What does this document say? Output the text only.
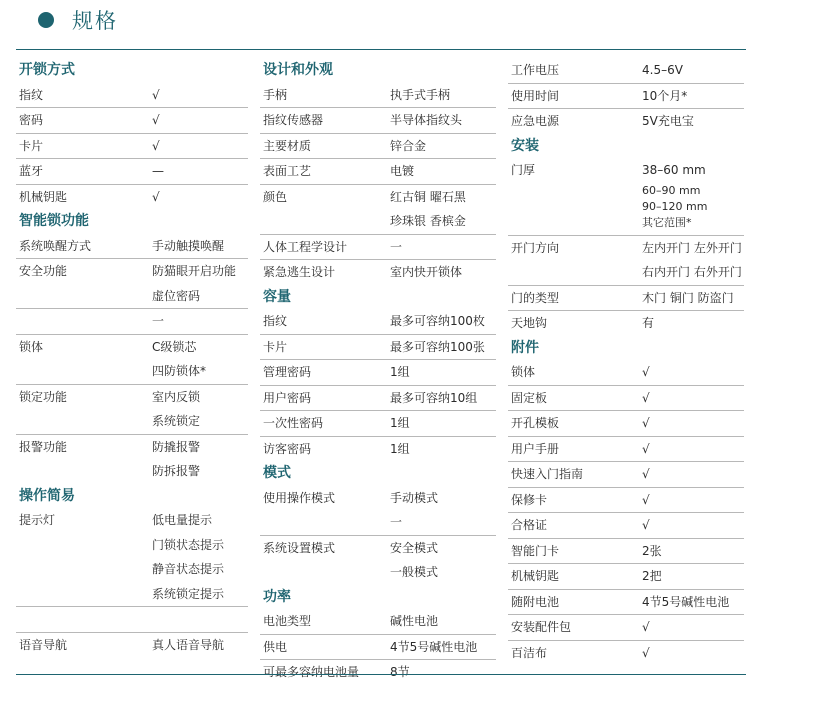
规格
开锁方式
指纹	√
密码	√
卡片	√
蓝牙	—
机械钥匙	√
智能锁功能
系统唤醒方式	手动触摸唤醒
安全功能	防猫眼开启功能
虚位密码
一
锁体	C级锁芯
四防锁体*
锁定功能	室内反锁
系统锁定
报警功能	防撬报警
防拆报警
操作简易
提示灯	低电量提示
门锁状态提示
静音状态提示
系统锁定提示
语音导航	真人语音导航
设计和外观
手柄	执手式手柄
指纹传感器	半导体指纹头
主要材质	锌合金
表面工艺	电镀
颜色	红古铜 曜石黑
珍珠银 香槟金
人体工程学设计	一
紧急逃生设计	室内快开锁体
容量
指纹	最多可容纳100枚
卡片	最多可容纳100张
管理密码	1组
用户密码	最多可容纳10组
一次性密码	1组
访客密码	1组
模式
使用操作模式	手动模式
一
系统设置模式	安全模式
一般模式
功率
电池类型	碱性电池
供电	4节5号碱性电池
可最多容纳电池量	8节
工作电压	4.5–6V
使用时间	10个月*
应急电源	5V充电宝
安装
门厚	38–60 mm
60–90 mm
90–120 mm
其它范围*
开门方向	左内开门 左外开门
右内开门 右外开门
门的类型	木门 铜门 防盗门
天地钩	有
附件
锁体	√
固定板	√
开孔模板	√
用户手册	√
快速入门指南	√
保修卡	√
合格证	√
智能门卡	2张
机械钥匙	2把
随附电池	4节5号碱性电池
安装配件包	√
百洁布	√
